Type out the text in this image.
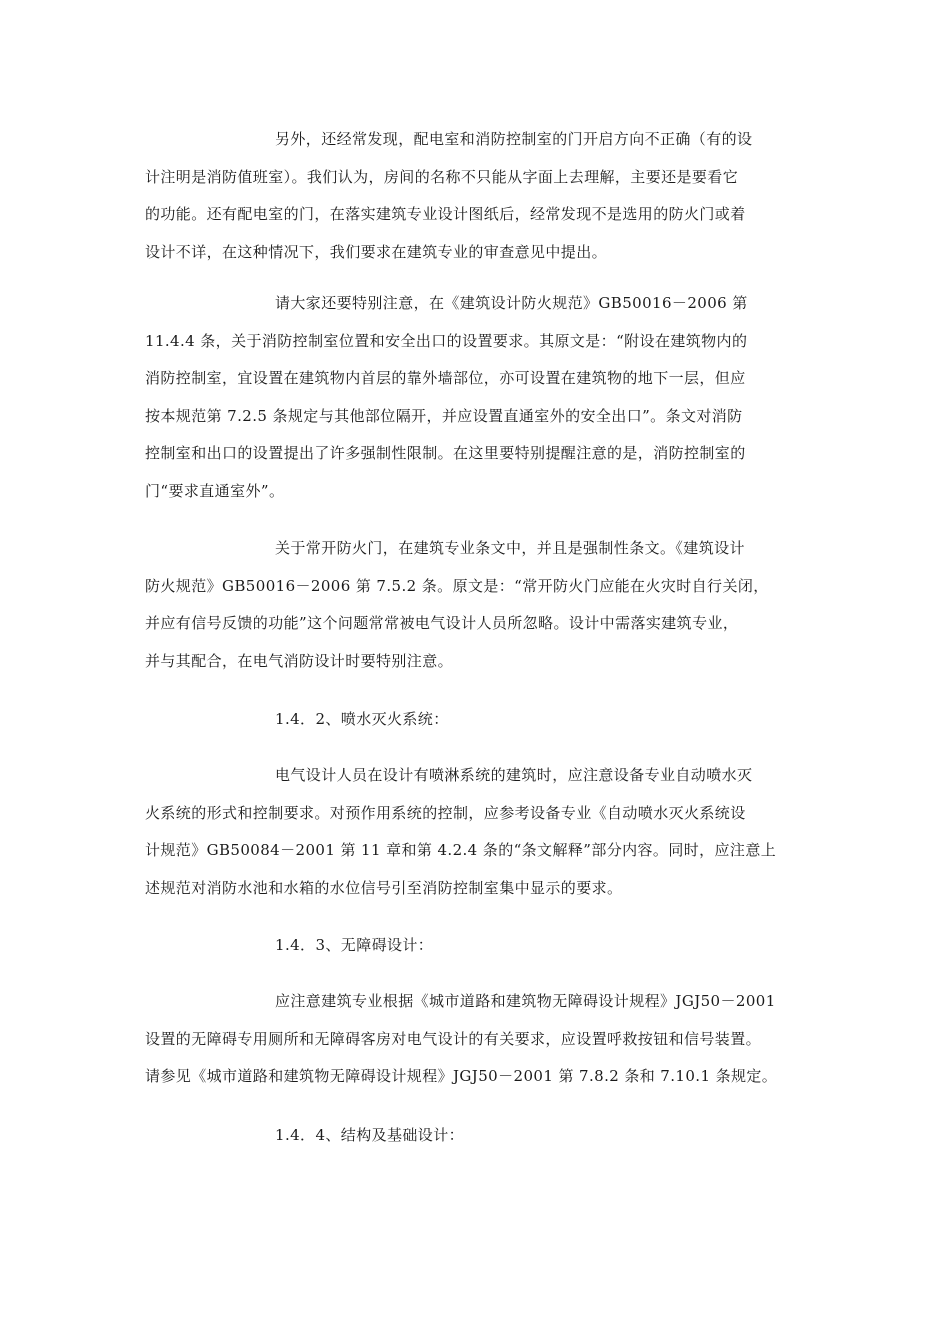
另外，还经常发现，配电室和消防控制室的门开启方向不正确（有的设
计注明是消防值班室）。我们认为，房间的名称不只能从字面上去理解，主要还是要看它
的功能。还有配电室的门，在落实建筑专业设计图纸后，经常发现不是选用的防火门或着
设计不详，在这种情况下，我们要求在建筑专业的审查意见中提出。
请大家还要特别注意，在《建筑设计防火规范》GB50016－2006 第
11.4.4 条，关于消防控制室位置和安全出口的设置要求。其原文是：“附设在建筑物内的
消防控制室，宜设置在建筑物内首层的靠外墙部位，亦可设置在建筑物的地下一层，但应
按本规范第 7.2.5 条规定与其他部位隔开，并应设置直通室外的安全出口”。条文对消防
控制室和出口的设置提出了许多强制性限制。在这里要特别提醒注意的是，消防控制室的
门“要求直通室外”。
关于常开防火门，在建筑专业条文中，并且是强制性条文。《建筑设计
防火规范》GB50016－2006 第 7.5.2 条。原文是：“常开防火门应能在火灾时自行关闭，
并应有信号反馈的功能”这个问题常常被电气设计人员所忽略。设计中需落实建筑专业，
并与其配合，在电气消防设计时要特别注意。

1.4．2、喷水灭火系统：

电气设计人员在设计有喷淋系统的建筑时，应注意设备专业自动喷水灭
火系统的形式和控制要求。对预作用系统的控制，应参考设备专业《自动喷水灭火系统设
计规范》GB50084－2001 第 11 章和第 4.2.4 条的“条文解释”部分内容。同时，应注意上
述规范对消防水池和水箱的水位信号引至消防控制室集中显示的要求。

1.4．3、无障碍设计：

应注意建筑专业根据《城市道路和建筑物无障碍设计规程》JGJ50－2001
设置的无障碍专用厕所和无障碍客房对电气设计的有关要求，应设置呼救按钮和信号装置。
请参见《城市道路和建筑物无障碍设计规程》JGJ50－2001 第 7.8.2 条和 7.10.1 条规定。

1.4．4、结构及基础设计：
